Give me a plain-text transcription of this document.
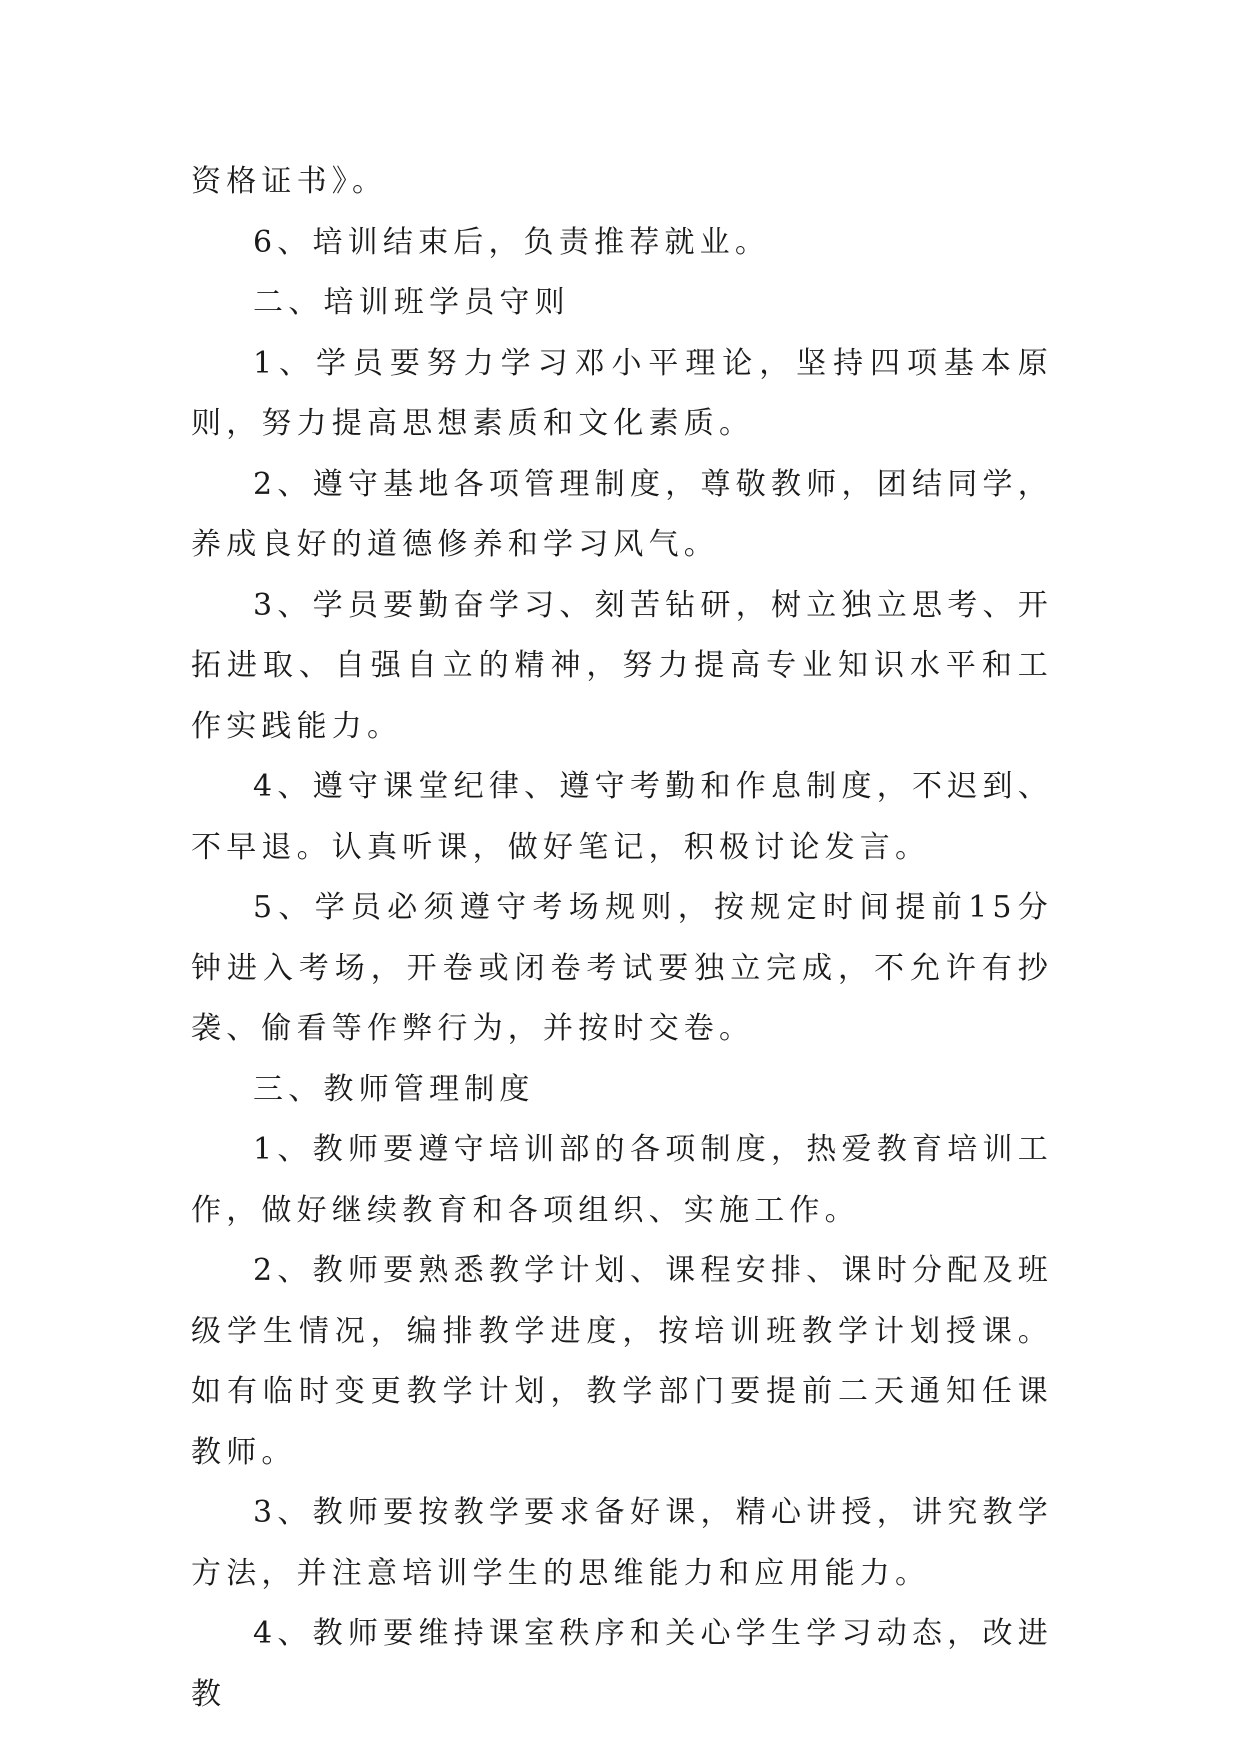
资格证书》。

6、培训结束后，负责推荐就业。

二、培训班学员守则

1、学员要努力学习邓小平理论，坚持四项基本原则，努力提高思想素质和文化素质。

2、遵守基地各项管理制度，尊敬教师，团结同学，养成良好的道德修养和学习风气。

3、学员要勤奋学习、刻苦钻研，树立独立思考、开拓进取、自强自立的精神，努力提高专业知识水平和工作实践能力。

4、遵守课堂纪律、遵守考勤和作息制度，不迟到、不早退。认真听课，做好笔记，积极讨论发言。

5、学员必须遵守考场规则，按规定时间提前15分钟进入考场，开卷或闭卷考试要独立完成，不允许有抄袭、偷看等作弊行为，并按时交卷。

三、教师管理制度

1、教师要遵守培训部的各项制度，热爱教育培训工作，做好继续教育和各项组织、实施工作。

2、教师要熟悉教学计划、课程安排、课时分配及班级学生情况，编排教学进度，按培训班教学计划授课。如有临时变更教学计划，教学部门要提前二天通知任课教师。

3、教师要按教学要求备好课，精心讲授，讲究教学方法，并注意培训学生的思维能力和应用能力。

4、教师要维持课室秩序和关心学生学习动态，改进教
